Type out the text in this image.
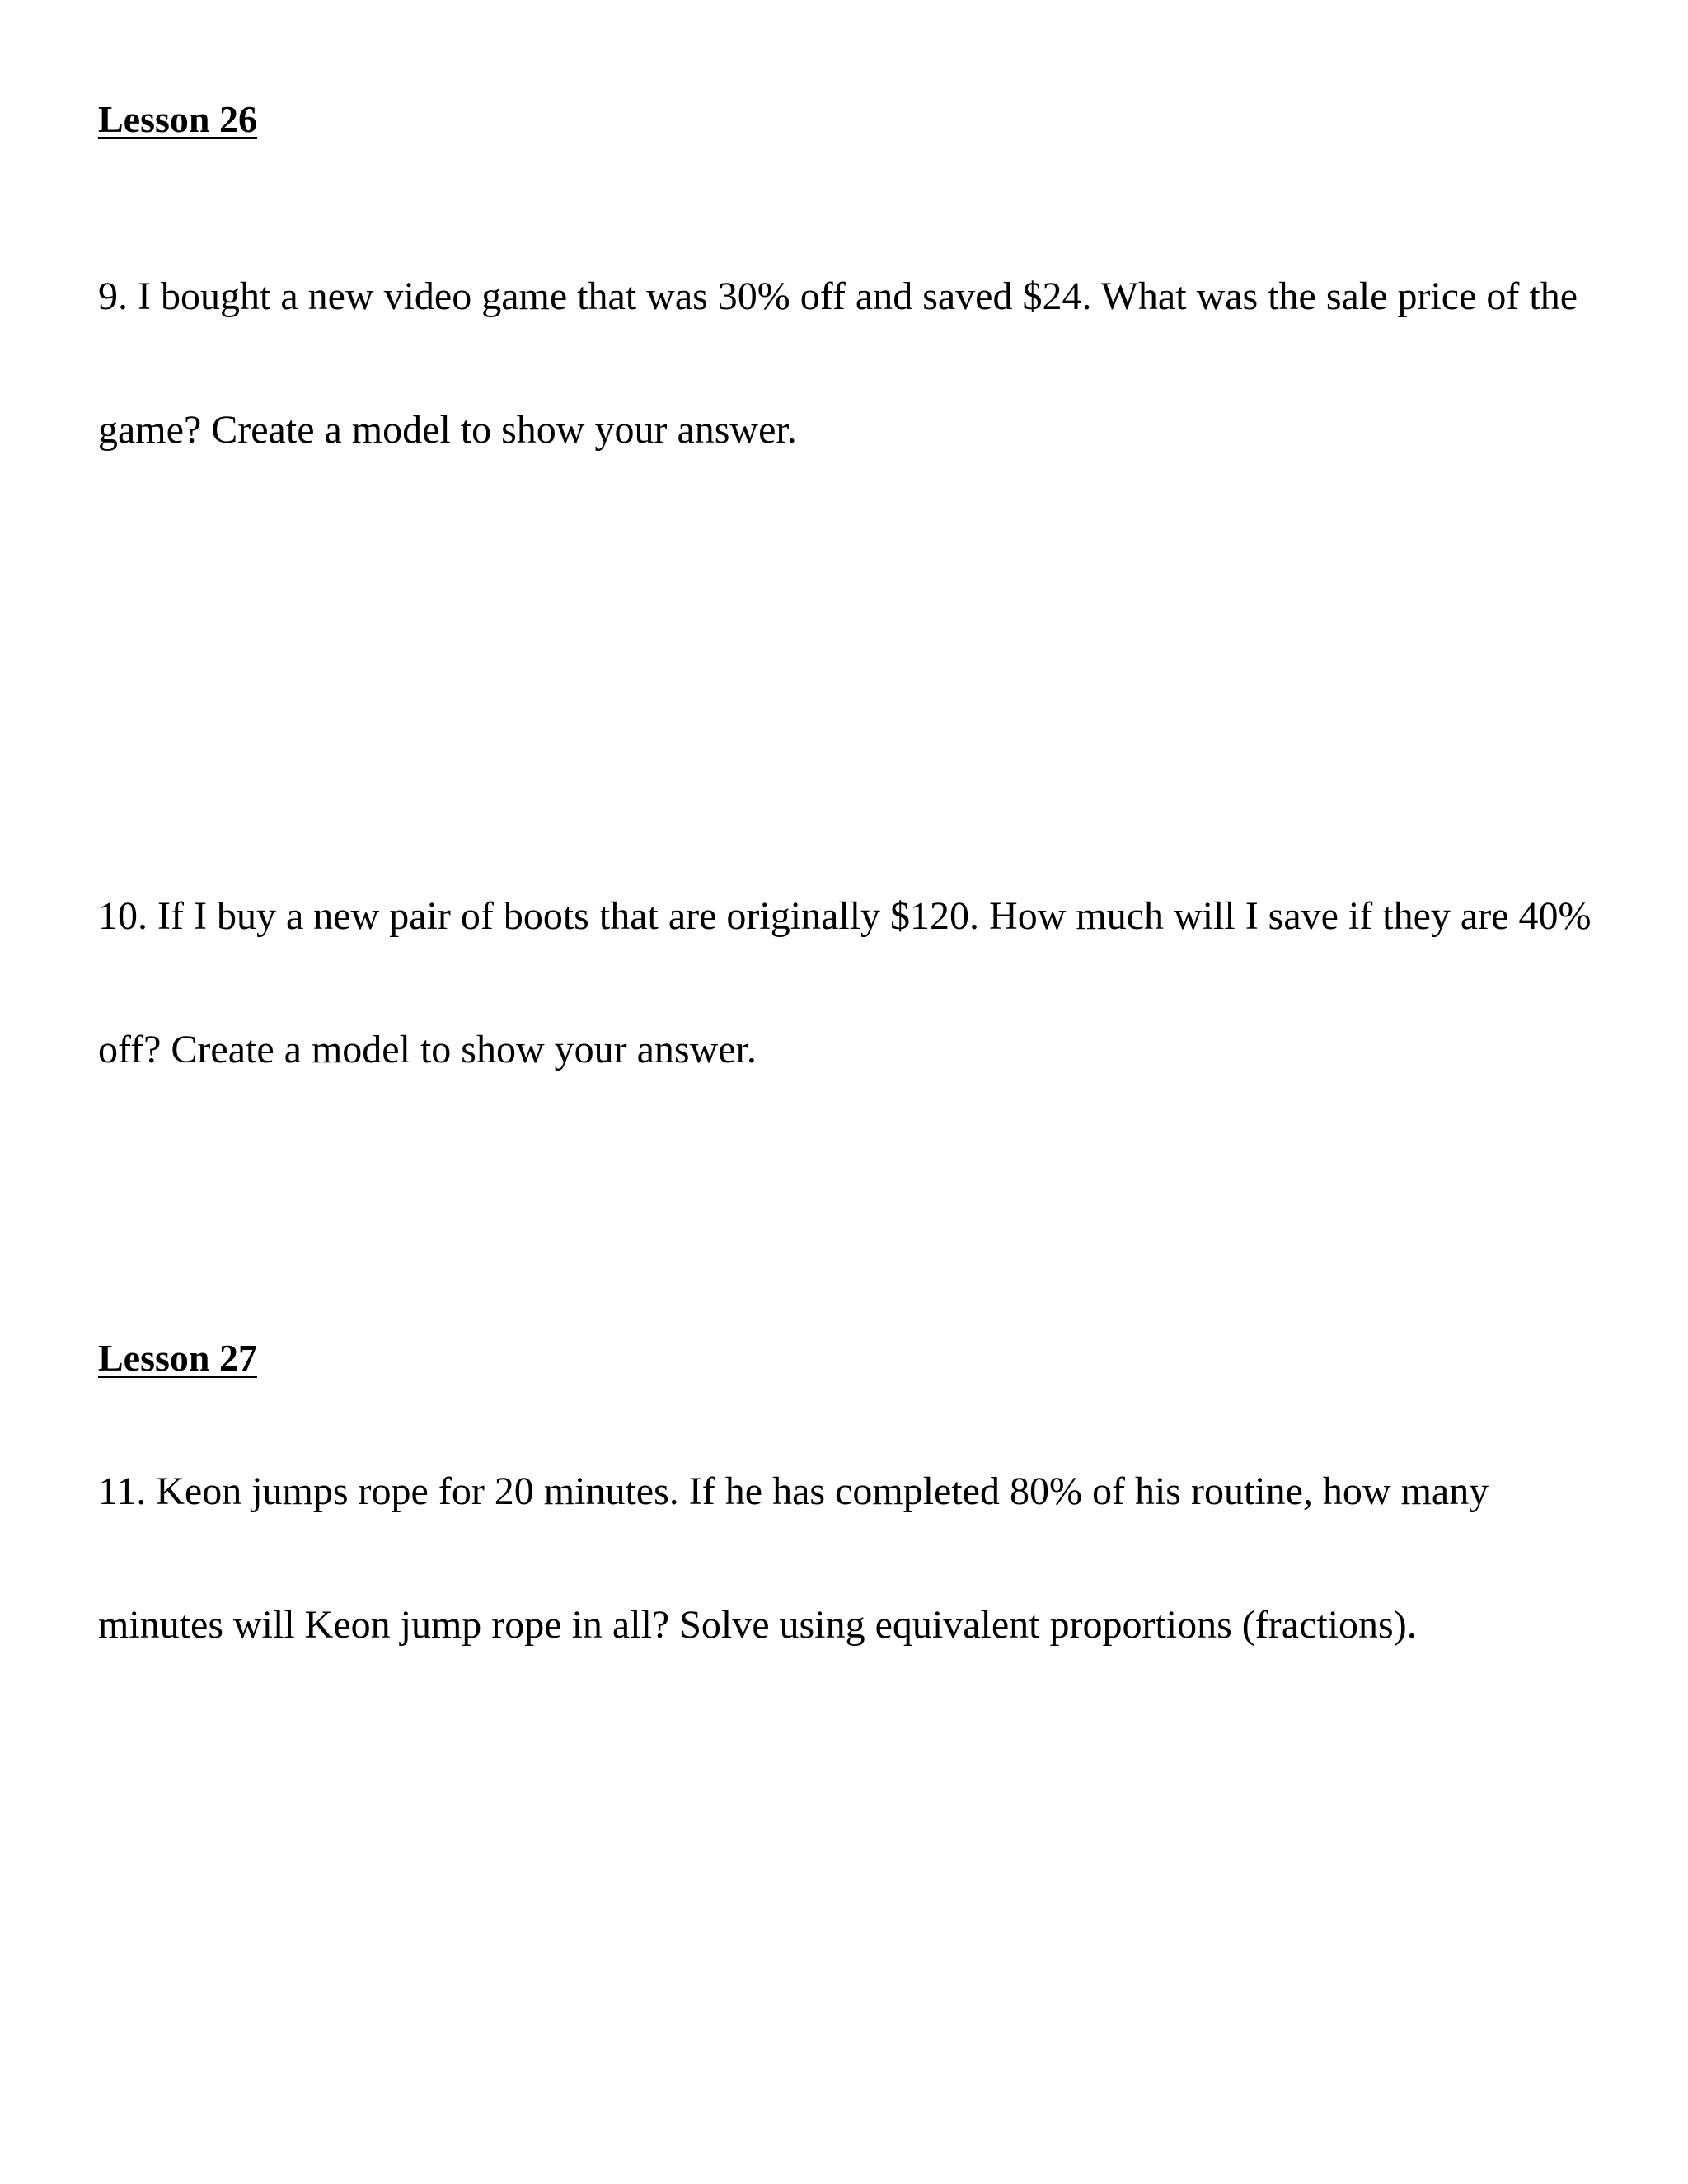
Lesson 26

9. I bought a new video game that was 30% off and saved $24. What was the sale price of the

game? Create a model to show your answer.

10. If I buy a new pair of boots that are originally $120. How much will I save if they are 40%

off? Create a model to show your answer.

Lesson 27

11. Keon jumps rope for 20 minutes. If he has completed 80% of his routine, how many

minutes will Keon jump rope in all? Solve using equivalent proportions (fractions).
